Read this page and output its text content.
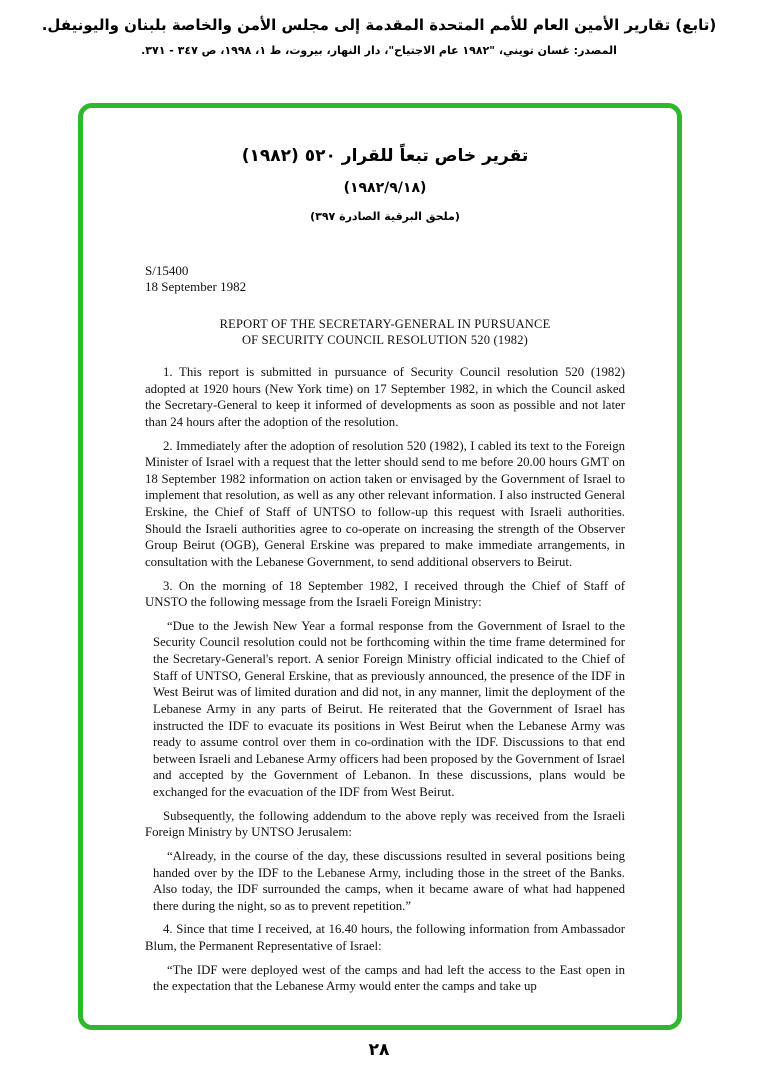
(تابع) تقارير الأمين العام للأمم المتحدة المقدمة إلى مجلس الأمن والخاصة بلبنان واليونيفل.
المصدر: غسان تويني، "١٩٨٢ عام الاجتياح"، دار النهار، بيروت، ط ١، ١٩٩٨، ص ٣٤٧ - ٣٧١.
تقرير خاص تبعاً للقرار ٥٢٠ (١٩٨٢)
(١٩٨٢/٩/١٨)
(ملحق البرقية الصادرة ٣٩٧)
S/15400
18 September 1982
REPORT OF THE SECRETARY-GENERAL IN PURSUANCE
OF SECURITY COUNCIL RESOLUTION 520 (1982)

1. This report is submitted in pursuance of Security Council resolution 520 (1982) adopted at 1920 hours (New York time) on 17 September 1982, in which the Council asked the Secretary-General to keep it informed of developments as soon as possible and not later than 24 hours after the adoption of the resolution.

2. Immediately after the adoption of resolution 520 (1982), I cabled its text to the Foreign Minister of Israel with a request that the letter should send to me before 20.00 hours GMT on 18 September 1982 information on action taken or envisaged by the Government of Israel to implement that resolution, as well as any other relevant information. I also instructed General Erskine, the Chief of Staff of UNTSO to follow-up this request with Israeli authorities. Should the Israeli authorities agree to co-operate on increasing the strength of the Observer Group Beirut (OGB), General Erskine was prepared to make immediate arrangements, in consultation with the Lebanese Government, to send additional observers to Beirut.

3. On the morning of 18 September 1982, I received through the Chief of Staff of UNSTO the following message from the Israeli Foreign Ministry:

“Due to the Jewish New Year a formal response from the Government of Israel to the Security Council resolution could not be forthcoming within the time frame determined for the Secretary-General's report. A senior Foreign Ministry official indicated to the Chief of Staff of UNTSO, General Erskine, that as previously announced, the presence of the IDF in West Beirut was of limited duration and did not, in any manner, limit the deployment of the Lebanese Army in any parts of Beirut. He reiterated that the Government of Israel has instructed the IDF to evacuate its positions in West Beirut when the Lebanese Army was ready to assume control over them in co-ordination with the IDF. Discussions to that end between Israeli and Lebanese Army officers had been proposed by the Government of Israel and accepted by the Government of Lebanon. In these discussions, plans would be exchanged for the evacuation of the IDF from West Beirut.

Subsequently, the following addendum to the above reply was received from the Israeli Foreign Ministry by UNTSO Jerusalem:

“Already, in the course of the day, these discussions resulted in several positions being handed over by the IDF to the Lebanese Army, including those in the street of the Banks. Also today, the IDF surrounded the camps, when it became aware of what had happened there during the night, so as to prevent repetition.”

4. Since that time I received, at 16.40 hours, the following information from Ambassador Blum, the Permanent Representative of Israel:

“The IDF were deployed west of the camps and had left the access to the East open in the expectation that the Lebanese Army would enter the camps and take up

٢٨
